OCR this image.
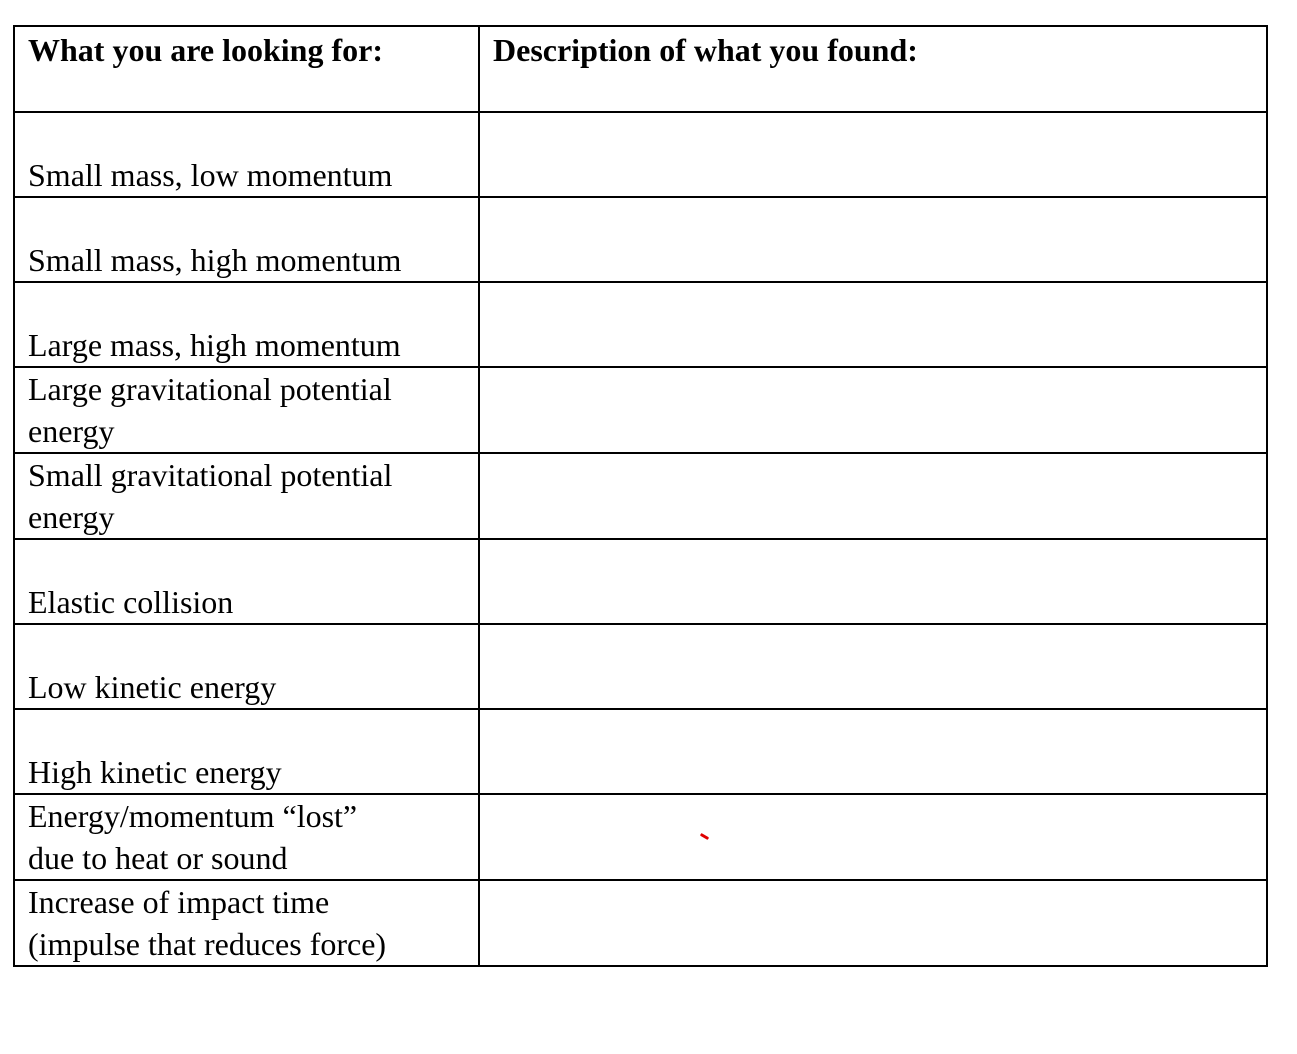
What you are looking for:	Description of what you found:
Small mass, low momentum	
Small mass, high momentum	
Large mass, high momentum	
Large gravitational potential
energy	
Small gravitational potential
energy	
Elastic collision	
Low kinetic energy	
High kinetic energy	
Energy/momentum “lost”
due to heat or sound	

Increase of impact time
(impulse that reduces force)	
